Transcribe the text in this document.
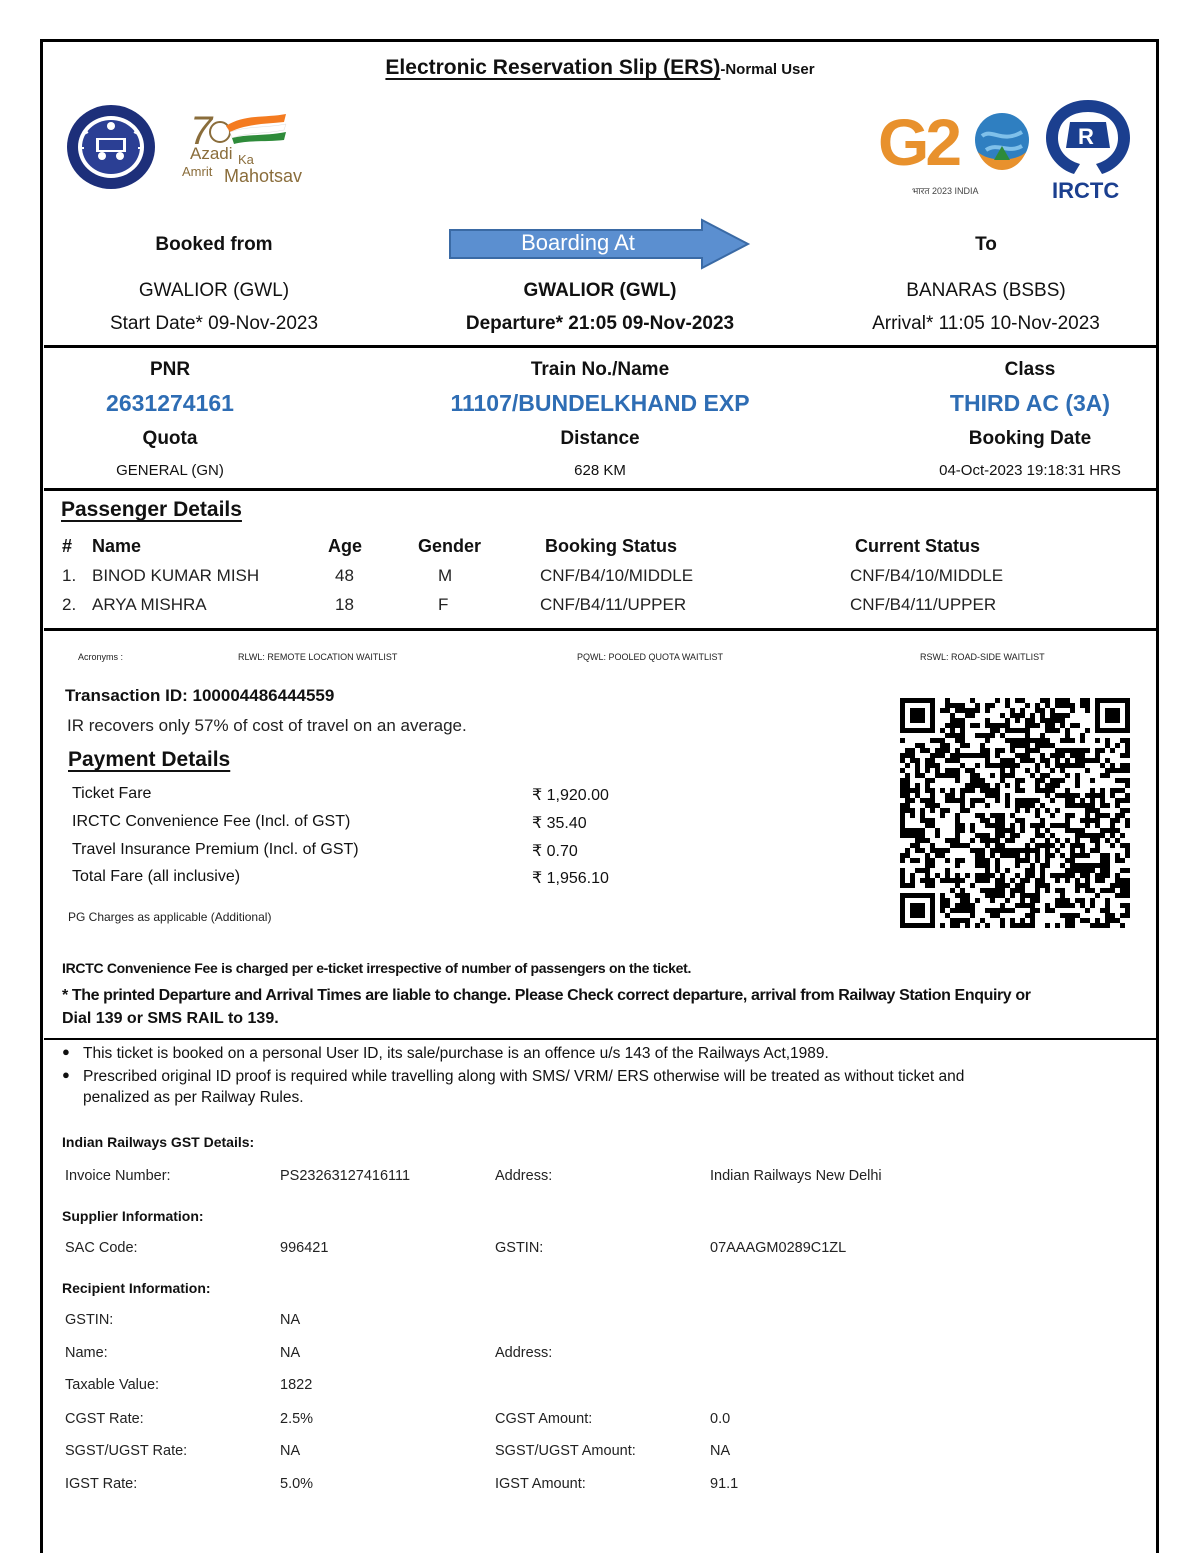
Electronic Reservation Slip (ERS)-Normal User
7
Azadi Ka
Amrit Mahotsav	G2
भारत 2023 INDIA
R
IRCTC
Booked from	Boarding At	To
GWALIOR (GWL)	GWALIOR (GWL)	BANARAS (BSBS)
Start Date* 09-Nov-2023	Departure* 21:05 09-Nov-2023	Arrival* 11:05 10-Nov-2023
PNR	Train No./Name	Class
2631274161	11107/BUNDELKHAND EXP	THIRD AC (3A)
Quota	Distance	Booking Date
GENERAL (GN)	628 KM	04-Oct-2023 19:18:31 HRS
Passenger Details
# Name	Age	Gender	Booking Status	Current Status
1. BINOD KUMAR MISH	48	M	CNF/B4/10/MIDDLE	CNF/B4/10/MIDDLE
2. ARYA MISHRA	18	F	CNF/B4/11/UPPER	CNF/B4/11/UPPER
Acronyms :	RLWL: REMOTE LOCATION WAITLIST	PQWL: POOLED QUOTA WAITLIST	RSWL: ROAD-SIDE WAITLIST
Transaction ID: 100004486444559
IR recovers only 57% of cost of travel on an average.
Payment Details
Ticket Fare	₹ 1,920.00
IRCTC Convenience Fee (Incl. of GST)	₹ 35.40
Travel Insurance Premium (Incl. of GST)	₹ 0.70
Total Fare (all inclusive)	₹ 1,956.10
PG Charges as applicable (Additional)
IRCTC Convenience Fee is charged per e-ticket irrespective of number of passengers on the ticket.
* The printed Departure and Arrival Times are liable to change. Please Check correct departure, arrival from Railway Station Enquiry or
Dial 139 or SMS RAIL to 139.
● This ticket is booked on a personal User ID, its sale/purchase is an offence u/s 143 of the Railways Act,1989.
● Prescribed original ID proof is required while travelling along with SMS/ VRM/ ERS otherwise will be treated as without ticket and
penalized as per Railway Rules.
Indian Railways GST Details:
Invoice Number:	PS23263127416111	Address:	Indian Railways New Delhi
Supplier Information:
SAC Code:	996421	GSTIN:	07AAAGM0289C1ZL
Recipient Information:
GSTIN:	NA
Name:	NA	Address:
Taxable Value:	1822
CGST Rate:	2.5%	CGST Amount:	0.0
SGST/UGST Rate:	NA	SGST/UGST Amount:	NA
IGST Rate:	5.0%	IGST Amount:	91.1
